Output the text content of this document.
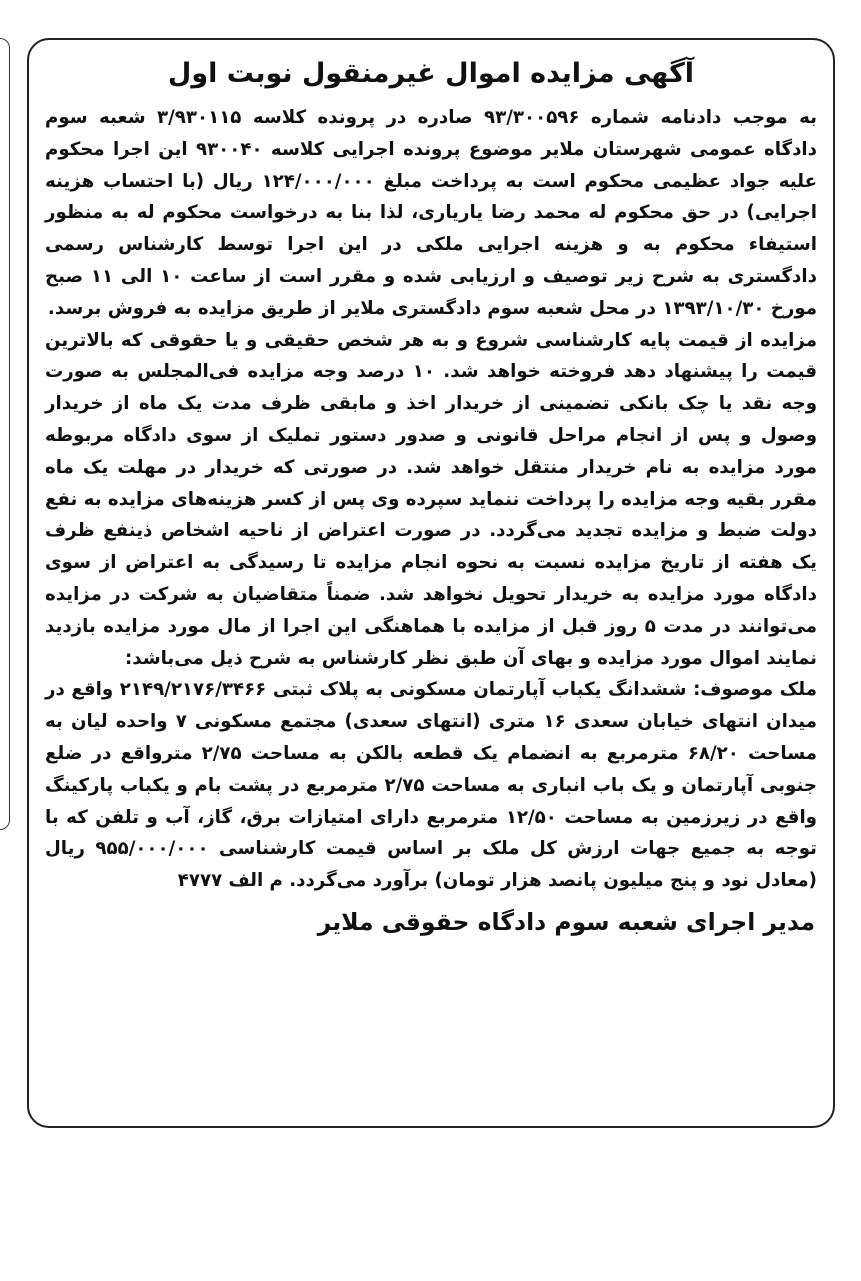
آگهی مزایده اموال غیرمنقول نوبت اول

به موجب دادنامه شماره ۹۳/۳۰۰۵۹۶ صادره در پرونده کلاسه ۳/۹۳۰۱۱۵ شعبه سوم دادگاه عمومی شهرستان ملایر موضوع پرونده اجرایی کلاسه ۹۳۰۰۴۰ این اجرا محکوم علیه جواد عظیمی محکوم است به پرداخت مبلغ ۱۲۴/۰۰۰/۰۰۰ ریال (با احتساب هزینه اجرایی) در حق محکوم له محمد رضا یاریاری، لذا بنا به درخواست محکوم له به منظور استیفاء محکوم به و هزینه اجرایی ملکی در این اجرا توسط کارشناس رسمی دادگستری به شرح زیر توصیف و ارزیابی شده و مقرر است از ساعت ۱۰ الی ۱۱ صبح مورخ ۱۳۹۳/۱۰/۳۰ در محل شعبه سوم دادگستری ملایر از طریق مزایده به فروش برسد.

مزایده از قیمت پایه کارشناسی شروع و به هر شخص حقیقی و یا حقوقی که بالاترین قیمت را پیشنهاد دهد فروخته خواهد شد. ۱۰ درصد وجه مزایده فی‌المجلس به صورت وجه نقد یا چک بانکی تضمینی از خریدار اخذ و مابقی ظرف مدت یک ماه از خریدار وصول و پس از انجام مراحل قانونی و صدور دستور تملیک از سوی دادگاه مربوطه مورد مزایده به نام خریدار منتقل خواهد شد. در صورتی که خریدار در مهلت یک ماه مقرر بقیه وجه مزایده را پرداخت ننماید سپرده وی پس از کسر هزینه‌های مزایده به نفع دولت ضبط و مزایده تجدید می‌گردد. در صورت اعتراض از ناحیه اشخاص ذینفع ظرف یک هفته از تاریخ مزایده نسبت به نحوه انجام مزایده تا رسیدگی به اعتراض از سوی دادگاه مورد مزایده به خریدار تحویل نخواهد شد. ضمناً متقاضیان به شرکت در مزایده می‌توانند در مدت ۵ روز قبل از مزایده با هماهنگی این اجرا از مال مورد مزایده بازدید نمایند اموال مورد مزایده و بهای آن طبق نظر کارشناس به شرح ذیل می‌باشد:

ملک موصوف: ششدانگ یکباب آپارتمان مسکونی به پلاک ثبتی ۲۱۴۹/۲۱۷۶/۳۴۶۶ واقع در میدان انتهای خیابان سعدی ۱۶ متری (انتهای سعدی) مجتمع مسکونی ۷ واحده لیان به مساحت ۶۸/۲۰ مترمربع به انضمام یک قطعه بالکن به مساحت ۲/۷۵ مترواقع در ضلع جنوبی آپارتمان و یک باب انباری به مساحت ۲/۷۵ مترمربع در پشت بام و یکباب پارکینگ واقع در زیرزمین به مساحت ۱۲/۵۰ مترمربع دارای امتیازات برق، گاز، آب و تلفن که با توجه به جمیع جهات ارزش کل ملک بر اساس قیمت کارشناسی ۹۵۵/۰۰۰/۰۰۰ ریال (معادل نود و پنج میلیون پانصد هزار تومان) برآورد می‌گردد. م الف ۴۷۷۷

مدیر اجرای شعبه سوم دادگاه حقوقی ملایر
